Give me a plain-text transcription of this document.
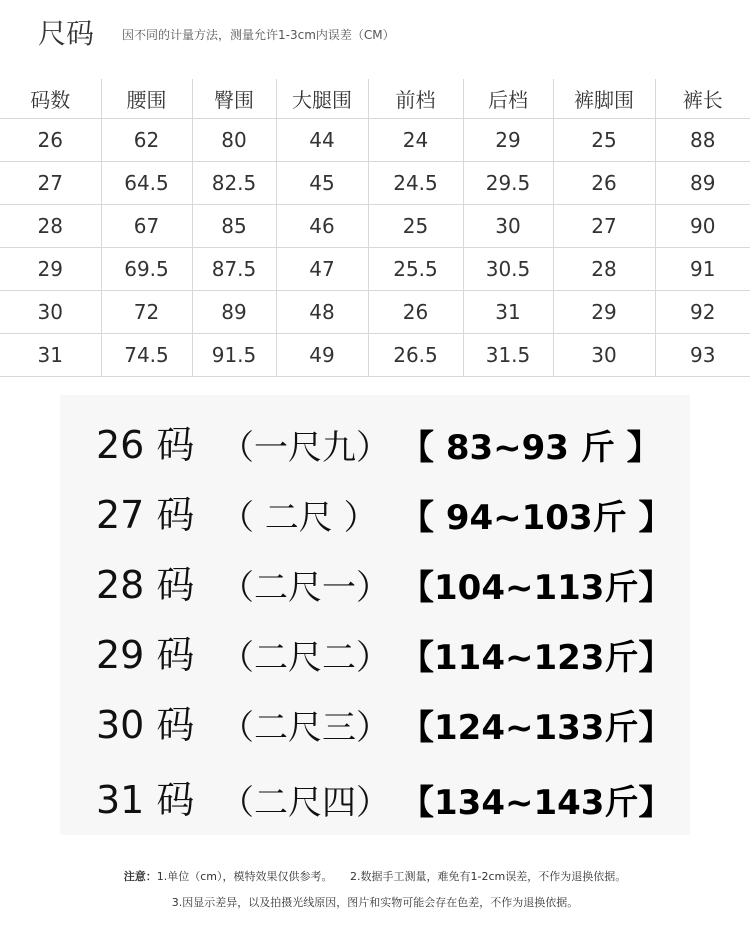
尺码 因不同的计量方法，测量允许1-3cm内误差（CM）
码数	腰围	臀围	大腿围	前档	后档	裤脚围	裤长
26	62	80	44	24	29	25	88
27	64.5	82.5	45	24.5	29.5	26	89
28	67	85	46	25	30	27	90
29	69.5	87.5	47	25.5	30.5	28	91
30	72	89	48	26	31	29	92
31	74.5	91.5	49	26.5	31.5	30	93
26 码 （一尺九） 【 83~93 斤 】
27 码 （ 二尺 ） 【 94~103斤 】
28 码 （二尺一） 【104~113斤】
29 码 （二尺二） 【114~123斤】
30 码 （二尺三） 【124~133斤】
31 码 （二尺四） 【134~143斤】
注意：1.单位（cm），模特效果仅供参考。 2.数据手工测量，难免有1-2cm误差，不作为退换依据。
3.因显示差异，以及拍摄光线原因，图片和实物可能会存在色差，不作为退换依据。
